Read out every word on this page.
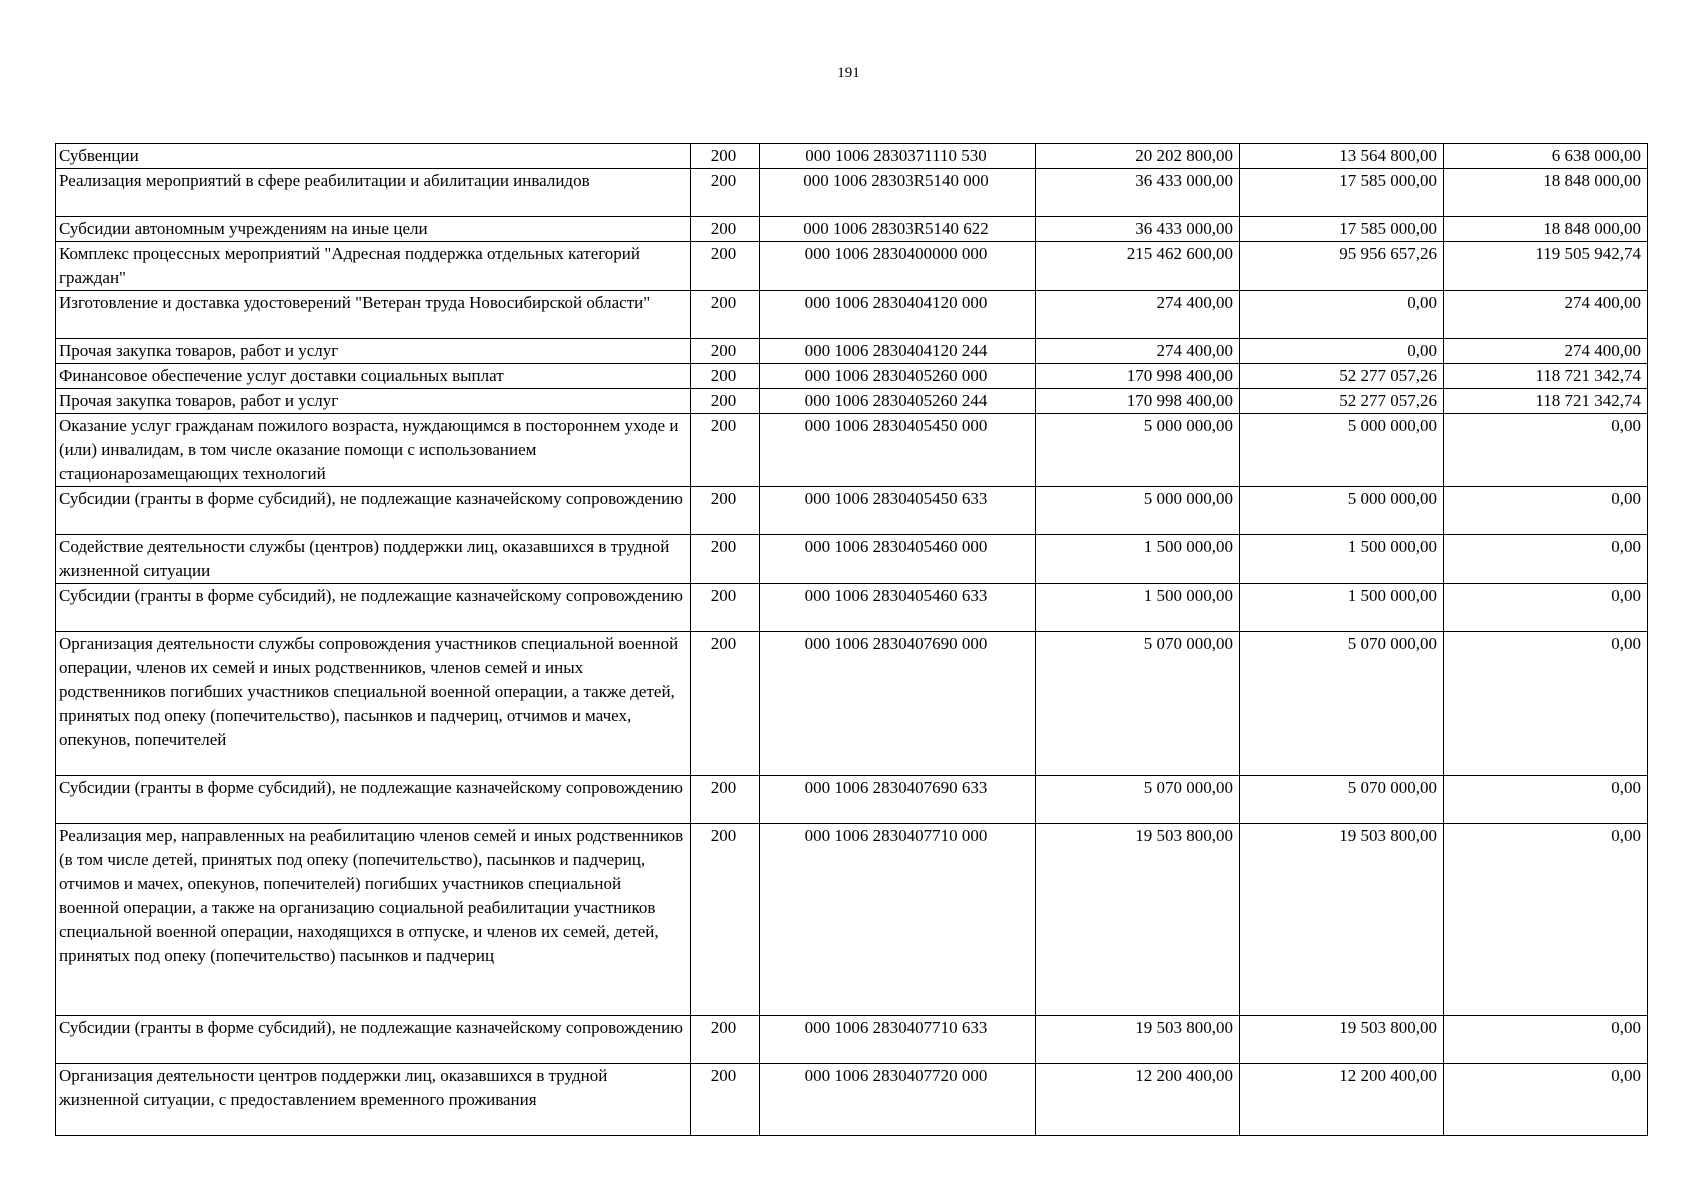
191
Субвенции	200	000 1006 2830371110 530	20 202 800,00	13 564 800,00	6 638 000,00
Реализация мероприятий в сфере реабилитации и абилитации инвалидов	200	000 1006 28303R5140 000	36 433 000,00	17 585 000,00	18 848 000,00
Субсидии автономным учреждениям на иные цели	200	000 1006 28303R5140 622	36 433 000,00	17 585 000,00	18 848 000,00
Комплекс процессных мероприятий "Адресная поддержка отдельных категорий граждан"	200	000 1006 2830400000 000	215 462 600,00	95 956 657,26	119 505 942,74
Изготовление и доставка удостоверений "Ветеран труда Новосибирской области"	200	000 1006 2830404120 000	274 400,00	0,00	274 400,00
Прочая закупка товаров, работ и услуг	200	000 1006 2830404120 244	274 400,00	0,00	274 400,00
Финансовое обеспечение услуг доставки социальных выплат	200	000 1006 2830405260 000	170 998 400,00	52 277 057,26	118 721 342,74
Прочая закупка товаров, работ и услуг	200	000 1006 2830405260 244	170 998 400,00	52 277 057,26	118 721 342,74
Оказание услуг гражданам пожилого возраста, нуждающимся в постороннем уходе и (или) инвалидам, в том числе оказание помощи с использованием стационарозамещающих технологий	200	000 1006 2830405450 000	5 000 000,00	5 000 000,00	0,00
Субсидии (гранты в форме субсидий), не подлежащие казначейскому сопровождению	200	000 1006 2830405450 633	5 000 000,00	5 000 000,00	0,00
Содействие деятельности службы (центров) поддержки лиц, оказавшихся в трудной жизненной ситуации	200	000 1006 2830405460 000	1 500 000,00	1 500 000,00	0,00
Субсидии (гранты в форме субсидий), не подлежащие казначейскому сопровождению	200	000 1006 2830405460 633	1 500 000,00	1 500 000,00	0,00
Организация деятельности службы сопровождения участников специальной военной операции, членов их семей и иных родственников, членов семей и иных родственников погибших участников специальной военной операции, а также детей, принятых под опеку (попечительство), пасынков и падчериц, отчимов и мачех, опекунов, попечителей	200	000 1006 2830407690 000	5 070 000,00	5 070 000,00	0,00
Субсидии (гранты в форме субсидий), не подлежащие казначейскому сопровождению	200	000 1006 2830407690 633	5 070 000,00	5 070 000,00	0,00
Реализация мер, направленных на реабилитацию членов семей и иных родственников (в том числе детей, принятых под опеку (попечительство), пасынков и падчериц, отчимов и мачех, опекунов, попечителей) погибших участников специальной военной операции, а также на организацию социальной реабилитации участников специальной военной операции, находящихся в отпуске, и членов их семей, детей, принятых под опеку (попечительство) пасынков и падчериц	200	000 1006 2830407710 000	19 503 800,00	19 503 800,00	0,00
Субсидии (гранты в форме субсидий), не подлежащие казначейскому сопровождению	200	000 1006 2830407710 633	19 503 800,00	19 503 800,00	0,00
Организация деятельности центров поддержки лиц, оказавшихся в трудной жизненной ситуации, с предоставлением временного проживания	200	000 1006 2830407720 000	12 200 400,00	12 200 400,00	0,00
